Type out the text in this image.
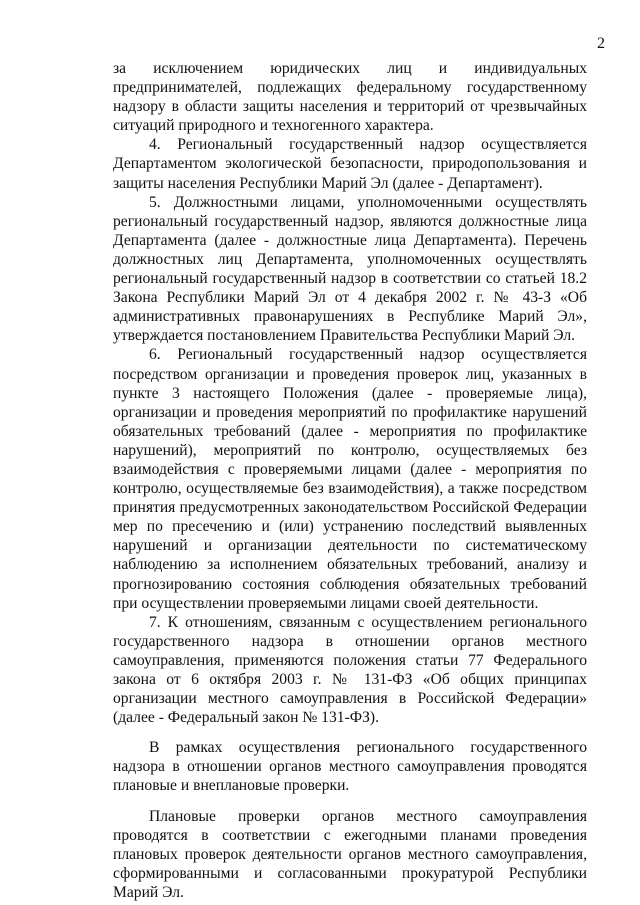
2

за исключением юридических лиц и индивидуальных предпринимателей, подлежащих федеральному государственному надзору в области защиты населения и территорий от чрезвычайных ситуаций природного и техногенного характера.

4. Региональный государственный надзор осуществляется Департаментом экологической безопасности, природопользования и защиты населения Республики Марий Эл (далее - Департамент).

5. Должностными лицами, уполномоченными осуществлять региональный государственный надзор, являются должностные лица Департамента (далее - должностные лица Департамента). Перечень должностных лиц Департамента, уполномоченных осуществлять региональный государственный надзор в соответствии со статьей 18.2 Закона Республики Марий Эл от 4 декабря 2002 г. № 43-З «Об административных правонарушениях в Республике Марий Эл», утверждается постановлением Правительства Республики Марий Эл.

6. Региональный государственный надзор осуществляется посредством организации и проведения проверок лиц, указанных в пункте 3 настоящего Положения (далее - проверяемые лица), организации и проведения мероприятий по профилактике нарушений обязательных требований (далее - мероприятия по профилактике нарушений), мероприятий по контролю, осуществляемых без взаимодействия с проверяемыми лицами (далее - мероприятия по контролю, осуществляемые без взаимодействия), а также посредством принятия предусмотренных законодательством Российской Федерации мер по пресечению и (или) устранению последствий выявленных нарушений и организации деятельности по систематическому наблюдению за исполнением обязательных требований, анализу и прогнозированию состояния соблюдения обязательных требований при осуществлении проверяемыми лицами своей деятельности.

7. К отношениям, связанным с осуществлением регионального государственного надзора в отношении органов местного самоуправления, применяются положения статьи 77 Федерального закона от 6 октября 2003 г. № 131-ФЗ «Об общих принципах организации местного самоуправления в Российской Федерации» (далее - Федеральный закон № 131-ФЗ).

В рамках осуществления регионального государственного надзора в отношении органов местного самоуправления проводятся плановые и внеплановые проверки.

Плановые проверки органов местного самоуправления проводятся в соответствии с ежегодными планами проведения плановых проверок деятельности органов местного самоуправления, сформированными и согласованными прокуратурой Республики Марий Эл.
